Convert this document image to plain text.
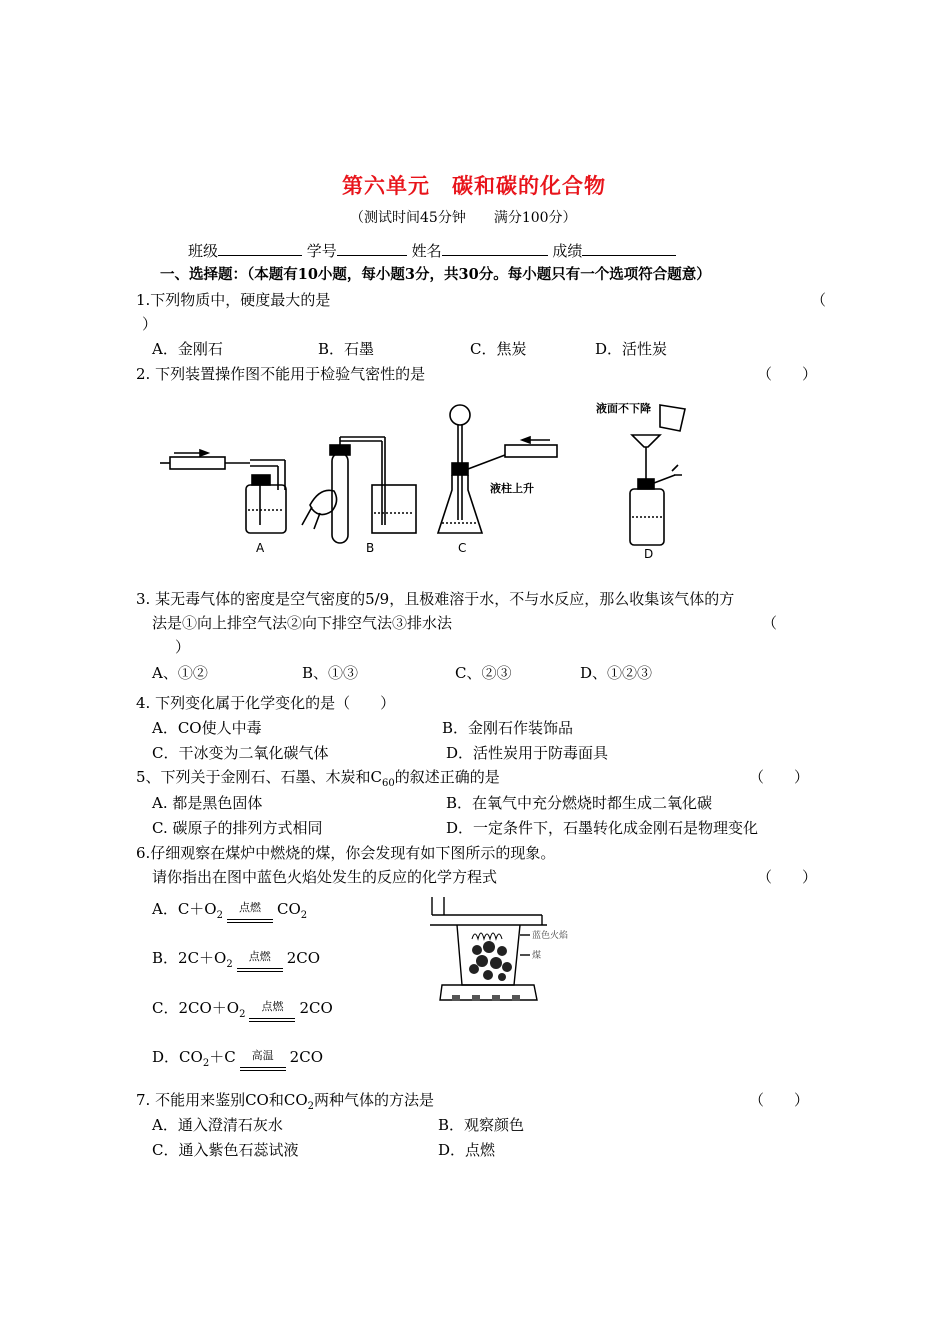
第六单元　碳和碳的化合物
（测试时间45分钟　　满分100分）
班级	学号	姓名	成绩
一、选择题：（本题有10小题，每小题3分，共30分。每小题只有一个选项符合题意）
1.下列物质中，硬度最大的是	（
）
A．金刚石	B．石墨	C．焦炭	D．活性炭
2. 下列装置操作图不能用于检验气密性的是	（　　）
A	B	C	D
液柱上升
液面不下降
3. 某无毒气体的密度是空气密度的5/9，且极难溶于水，不与水反应，那么收集该气体的方
法是①向上排空气法②向下排空气法③排水法	（
）
A、①②	B、①③	C、②③	D、①②③
4. 下列变化属于化学变化的是（　　）
A．CO使人中毒	B．金刚石作装饰品
C．干冰变为二氧化碳气体	D．活性炭用于防毒面具
5、下列关于金刚石、石墨、木炭和$C_{60}$的叙述正确的是	（　　）
A. 都是黑色固体	B．在氧气中充分燃烧时都生成二氧化碳
C. 碳原子的排列方式相同	D．一定条件下，石墨转化成金刚石是物理变化
6.仔细观察在煤炉中燃烧的煤，你会发现有如下图所示的现象。
请你指出在图中蓝色火焰处发生的反应的化学方程式	（　　）
A．$C+O_2$
点燃	$CO_2$
B．$2C+O_2$
点燃	2CO
C．$2CO+O_2$
点燃	2CO
D．$CO_2+C$	高温	2CO
蓝色火焰
煤
7. 不能用来鉴别CO和$CO_2$两种气体的方法是	（　　）
A．通入澄清石灰水	B．观察颜色
C．通入紫色石蕊试液	D．点燃
